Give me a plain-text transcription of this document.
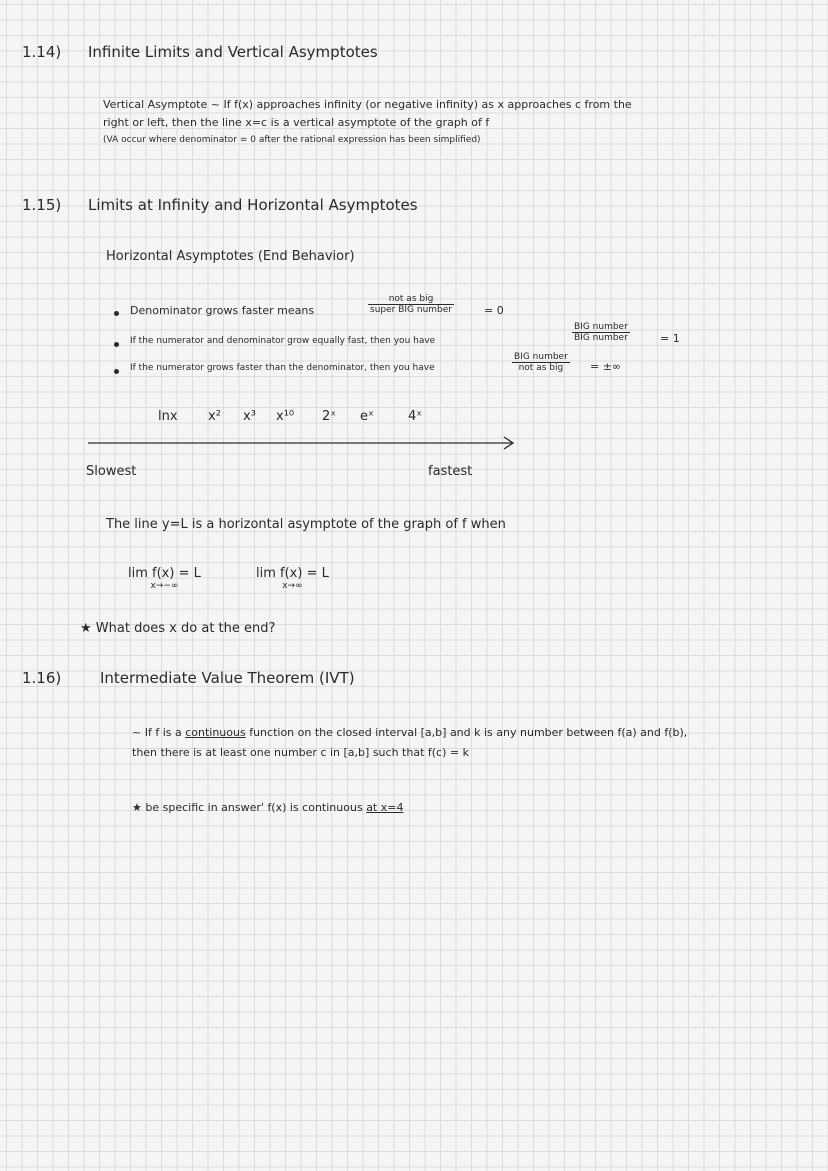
1.14) Infinite Limits and Vertical Asymptotes
Vertical Asymptote ~ If f(x) approaches infinity (or negative infinity) as x approaches c from the
right or left, then the line x=c is a vertical asymptote of the graph of f
(VA occur where denominator = 0 after the rational expression has been simplified)
1.15) Limits at Infinity and Horizontal Asymptotes
Horizontal Asymptotes (End Behavior)
Denominator grows faster means
not as big
super BIG number	= 0
If the numerator and denominator grow equally fast, then you have
BIG number
BIG number	= 1
If the numerator grows faster than the denominator, then you have
BIG number
not as big	= ±∞
lnx x² x³ x¹⁰ 2ˣ eˣ	4ˣ
Slowest	fastest
The line y=L is a horizontal asymptote of the graph of f when
lim f(x) = L
x→−∞
lim f(x) = L
x→∞
★ What does x do at the end?
1.16)	Intermediate Value Theorem (IVT)
~ If f is a continuous function on the closed interval [a,b] and k is any number between f(a) and f(b),
then there is at least one number c in [a,b] such that f(c) = k
★ be specific in answer' f(x) is continuous at x=4
